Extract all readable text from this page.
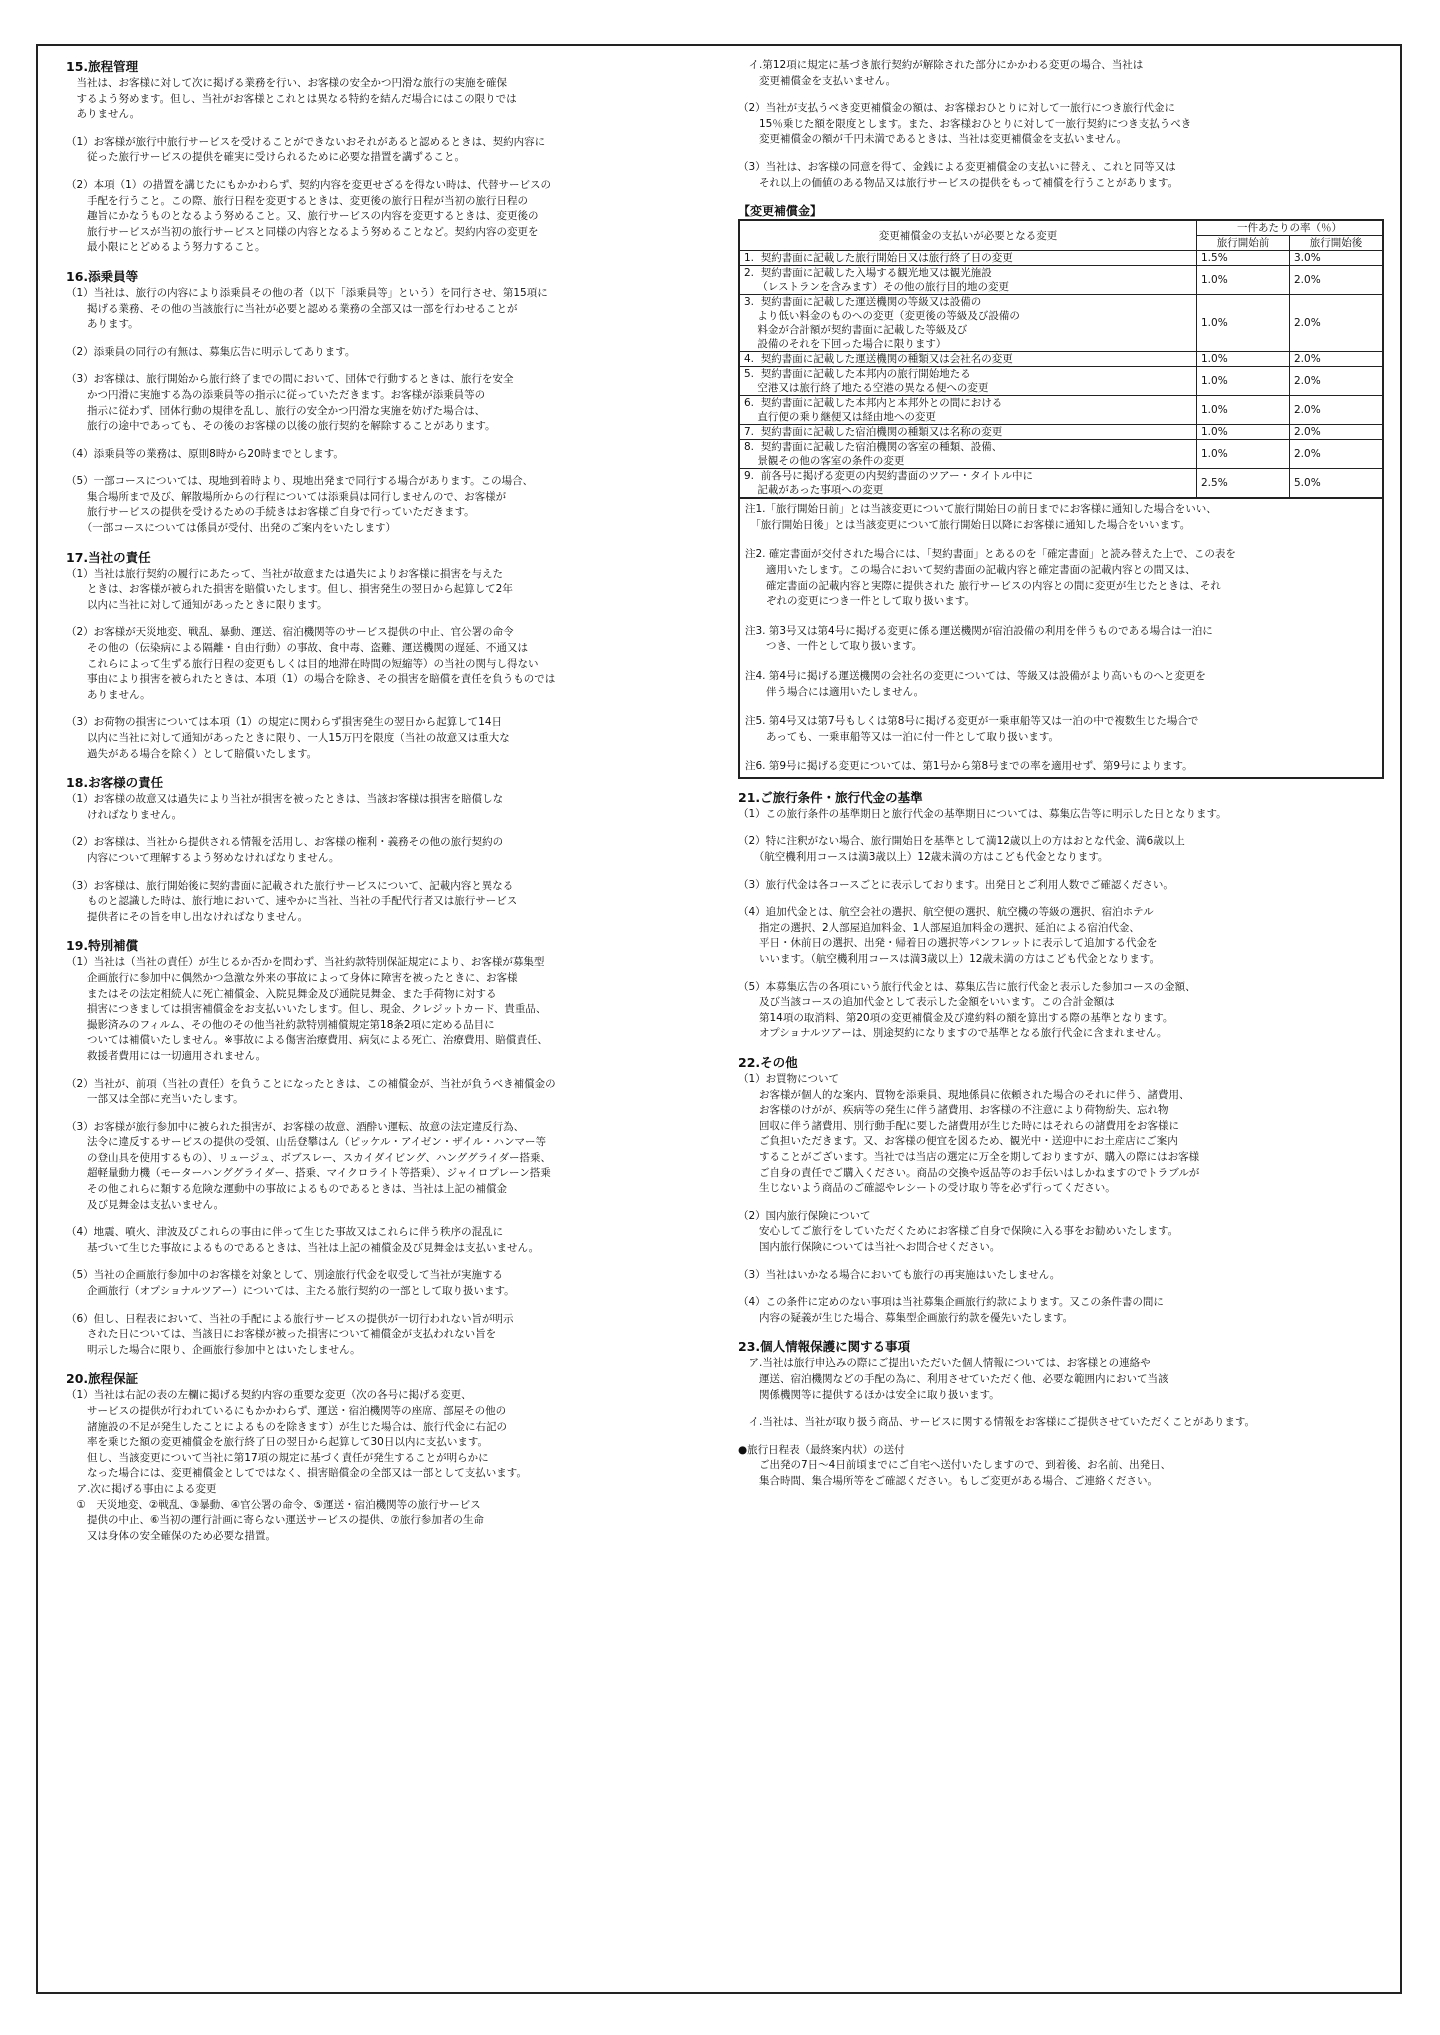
15.旅程管理
　当社は、お客様に対して次に掲げる業務を行い、お客様の安全かつ円滑な旅行の実施を確保
　するよう努めます。但し、当社がお客様とこれとは異なる特約を結んだ場合にはこの限りでは
　ありません。
（1）お客様が旅行中旅行サービスを受けることができないおそれがあると認めるときは、契約内容に
　　従った旅行サービスの提供を確実に受けられるために必要な措置を講ずること。
（2）本項（1）の措置を講じたにもかかわらず、契約内容を変更せざるを得ない時は、代替サービスの
　　手配を行うこと。この際、旅行日程を変更するときは、変更後の旅行日程が当初の旅行日程の
　　趣旨にかなうものとなるよう努めること。又、旅行サービスの内容を変更するときは、変更後の
　　旅行サービスが当初の旅行サービスと同様の内容となるよう努めることなど。契約内容の変更を
　　最小限にとどめるよう努力すること。
16.添乗員等
（1）当社は、旅行の内容により添乗員その他の者（以下「添乗員等」という）を同行させ、第15項に
　　掲げる業務、その他の当該旅行に当社が必要と認める業務の全部又は一部を行わせることが
　　あります。
（2）添乗員の同行の有無は、募集広告に明示してあります。
（3）お客様は、旅行開始から旅行終了までの間において、団体で行動するときは、旅行を安全
　　かつ円滑に実施する為の添乗員等の指示に従っていただきます。お客様が添乗員等の
　　指示に従わず、団体行動の規律を乱し、旅行の安全かつ円滑な実施を妨げた場合は、
　　旅行の途中であっても、その後のお客様の以後の旅行契約を解除することがあります。
（4）添乗員等の業務は、原則8時から20時までとします。
（5）一部コースについては、現地到着時より、現地出発まで同行する場合があります。この場合、
　　集合場所まで及び、解散場所からの行程については添乗員は同行しませんので、お客様が
　　旅行サービスの提供を受けるための手続きはお客様ご自身で行っていただきます。
　　（一部コースについては係員が受付、出発のご案内をいたします）
17.当社の責任
（1）当社は旅行契約の履行にあたって、当社が故意または過失によりお客様に損害を与えた
　　ときは、お客様が被られた損害を賠償いたします。但し、損害発生の翌日から起算して2年
　　以内に当社に対して通知があったときに限ります。
（2）お客様が天災地変、戦乱、暴動、運送、宿泊機関等のサービス提供の中止、官公署の命令
　　その他の（伝染病による隔離・自由行動）の事故、食中毒、盗難、運送機関の遅延、不通又は
　　これらによって生ずる旅行日程の変更もしくは目的地滞在時間の短縮等）の当社の関与し得ない
　　事由により損害を被られたときは、本項（1）の場合を除き、その損害を賠償を責任を負うものでは
　　ありません。
（3）お荷物の損害については本項（1）の規定に関わらず損害発生の翌日から起算して14日
　　以内に当社に対して通知があったときに限り、一人15万円を限度（当社の故意又は重大な
　　過失がある場合を除く）として賠償いたします。
18.お客様の責任
（1）お客様の故意又は過失により当社が損害を被ったときは、当該お客様は損害を賠償しな
　　ければなりません。
（2）お客様は、当社から提供される情報を活用し、お客様の権利・義務その他の旅行契約の
　　内容について理解するよう努めなければなりません。
（3）お客様は、旅行開始後に契約書面に記載された旅行サービスについて、記載内容と異なる
　　ものと認識した時は、旅行地において、速やかに当社、当社の手配代行者又は旅行サービス
　　提供者にその旨を申し出なければなりません。
19.特別補償
（1）当社は（当社の責任）が生じるか否かを問わず、当社約款特別保証規定により、お客様が募集型
　　企画旅行に参加中に偶然かつ急激な外来の事故によって身体に障害を被ったときに、お客様
　　またはその法定相続人に死亡補償金、入院見舞金及び通院見舞金、また手荷物に対する
　　損害につきましては損害補償金をお支払いいたします。但し、現金、クレジットカード、貴重品、
　　撮影済みのフィルム、その他のその他当社約款特別補償規定第18条2項に定める品目に
　　ついては補償いたしません。※事故による傷害治療費用、病気による死亡、治療費用、賠償責任、
　　救援者費用には一切適用されません。
（2）当社が、前項（当社の責任）を負うことになったときは、この補償金が、当社が負うべき補償金の
　　一部又は全部に充当いたします。
（3）お客様が旅行参加中に被られた損害が、お客様の故意、酒酔い運転、故意の法定違反行為、
　　法令に違反するサービスの提供の受領、山岳登攀はん（ピッケル・アイゼン・ザイル・ハンマー等
　　の登山具を使用するもの）、リュージュ、ボブスレー、スカイダイビング、ハンググライダー搭乗、
　　超軽量動力機（モーターハンググライダー、搭乗、マイクロライト等搭乗）、ジャイロプレーン搭乗
　　その他これらに類する危険な運動中の事故によるものであるときは、当社は上記の補償金
　　及び見舞金は支払いません。
（4）地震、噴火、津波及びこれらの事由に伴って生じた事故又はこれらに伴う秩序の混乱に
　　基づいて生じた事故によるものであるときは、当社は上記の補償金及び見舞金は支払いません。
（5）当社の企画旅行参加中のお客様を対象として、別途旅行代金を収受して当社が実施する
　　企画旅行（オプショナルツアー）については、主たる旅行契約の一部として取り扱います。
（6）但し、日程表において、当社の手配による旅行サービスの提供が一切行われない旨が明示
　　された日については、当該日にお客様が被った損害について補償金が支払われない旨を
　　明示した場合に限り、企画旅行参加中とはいたしません。
20.旅程保証
（1）当社は右記の表の左欄に掲げる契約内容の重要な変更（次の各号に掲げる変更、
　　サービスの提供が行われているにもかかわらず、運送・宿泊機関等の座席、部屋その他の
　　諸施設の不足が発生したことによるものを除きます）が生じた場合は、旅行代金に右記の
　　率を乗じた額の変更補償金を旅行終了日の翌日から起算して30日以内に支払います。
　　但し、当該変更について当社に第17項の規定に基づく責任が発生することが明らかに
　　なった場合には、変更補償金としてではなく、損害賠償金の全部又は一部として支払います。
　ア.次に掲げる事由による変更
　①　天災地変、②戦乱、③暴動、④官公署の命令、⑤運送・宿泊機関等の旅行サービス
　　提供の中止、⑥当初の運行計画に寄らない運送サービスの提供、⑦旅行参加者の生命
　　又は身体の安全確保のため必要な措置。
　イ.第12項に規定に基づき旅行契約が解除された部分にかかわる変更の場合、当社は
　　変更補償金を支払いません。
（2）当社が支払うべき変更補償金の額は、お客様おひとりに対して一旅行につき旅行代金に
　　15％乗じた額を限度とします。また、お客様おひとりに対して一旅行契約につき支払うべき
　　変更補償金の額が千円未満であるときは、当社は変更補償金を支払いません。
（3）当社は、お客様の同意を得て、金銭による変更補償金の支払いに替え、これと同等又は
　　それ以上の価値のある物品又は旅行サービスの提供をもって補償を行うことがあります。
【変更補償金】
変更補償金の支払いが必要となる変更	一件あたりの率（％）	
	旅行開始前	旅行開始後
1.  契約書面に記載した旅行開始日又は旅行終了日の変更	1.5%	3.0%
2.  契約書面に記載した入場する観光地又は観光施設
（レストランを含みます）その他の旅行目的地の変更	1.0%	2.0%
3.  契約書面に記載した運送機関の等級又は設備の
より低い料金のものへの変更（変更後の等級及び設備の
料金が合計額が契約書面に記載した等級及び
設備のそれを下回った場合に限ります）	1.0%	2.0%
4.  契約書面に記載した運送機関の種類又は会社名の変更	1.0%	2.0%
5.  契約書面に記載した本邦内の旅行開始地たる
空港又は旅行終了地たる空港の異なる便への変更	1.0%	2.0%
6.  契約書面に記載した本邦内と本邦外との間における
直行便の乗り継便又は経由地への変更	1.0%	2.0%
7.  契約書面に記載した宿泊機関の種類又は名称の変更	1.0%	2.0%
8.  契約書面に記載した宿泊機関の客室の種類、設備、
景観その他の客室の条件の変更	1.0%	2.0%
9.  前各号に掲げる変更の内契約書面のツアー・タイトル中に
記載があった事項への変更	2.5%	5.0%
注1.「旅行開始日前」とは当該変更について旅行開始日の前日までにお客様に通知した場合をいい、
　「旅行開始日後」とは当該変更について旅行開始日以降にお客様に通知した場合をいいます。
注2. 確定書面が交付された場合には、「契約書面」とあるのを「確定書面」と読み替えた上で、この表を
　　適用いたします。この場合において契約書面の記載内容と確定書面の記載内容との間又は、
　　確定書面の記載内容と実際に提供された 旅行サービスの内容との間に変更が生じたときは、それ
　　ぞれの変更につき一件として取り扱います。
注3. 第3号又は第4号に掲げる変更に係る運送機関が宿泊設備の利用を伴うものである場合は一泊に
　　つき、一件として取り扱います。
注4. 第4号に掲げる運送機関の会社名の変更については、等級又は設備がより高いものへと変更を
　　伴う場合には適用いたしません。
注5. 第4号又は第7号もしくは第8号に掲げる変更が一乗車船等又は一泊の中で複数生じた場合で
　　あっても、一乗車船等又は一泊に付一件として取り扱います。
注6. 第9号に掲げる変更については、第1号から第8号までの率を適用せず、第9号によります。
21.ご旅行条件・旅行代金の基準
（1）この旅行条件の基準期日と旅行代金の基準期日については、募集広告等に明示した日となります。
（2）特に注釈がない場合、旅行開始日を基準として満12歳以上の方はおとな代金、満6歳以上
　　（航空機利用コースは満3歳以上）12歳未満の方はこども代金となります。
（3）旅行代金は各コースごとに表示しております。出発日とご利用人数でご確認ください。
（4）追加代金とは、航空会社の選択、航空便の選択、航空機の等級の選択、宿泊ホテル
　　指定の選択、2人部屋追加料金、1人部屋追加料金の選択、延泊による宿泊代金、
　　平日・休前日の選択、出発・帰着日の選択等パンフレットに表示して追加する代金を
　　いいます。（航空機利用コースは満3歳以上）12歳未満の方はこども代金となります。
（5）本募集広告の各項にいう旅行代金とは、募集広告に旅行代金と表示した参加コースの金額、
　　及び当該コースの追加代金として表示した金額をいいます。この合計金額は
　　第14項の取消料、第20項の変更補償金及び違約料の額を算出する際の基準となります。
　　オプショナルツアーは、別途契約になりますので基準となる旅行代金に含まれません。
22.その他
（1）お買物について
　　お客様が個人的な案内、買物を添乗員、現地係員に依頼された場合のそれに伴う、諸費用、
　　お客様のけがが、疾病等の発生に伴う諸費用、お客様の不注意により荷物紛失、忘れ物
　　回収に伴う諸費用、別行動手配に要した諸費用が生じた時にはそれらの諸費用をお客様に
　　ご負担いただきます。又、お客様の便宜を図るため、観光中・送迎中にお土産店にご案内
　　することがございます。当社では当店の選定に万全を期しておりますが、購入の際にはお客様
　　ご自身の責任でご購入ください。商品の交換や返品等のお手伝いはしかねますのでトラブルが
　　生じないよう商品のご確認やレシートの受け取り等を必ず行ってください。
（2）国内旅行保険について
　　安心してご旅行をしていただくためにお客様ご自身で保険に入る事をお勧めいたします。
　　国内旅行保険については当社へお問合せください。
（3）当社はいかなる場合においても旅行の再実施はいたしません。
（4）この条件に定めのない事項は当社募集企画旅行約款によります。又この条件書の間に
　　内容の疑義が生じた場合、募集型企画旅行約款を優先いたします。
23.個人情報保護に関する事項
　ア.当社は旅行申込みの際にご提出いただいた個人情報については、お客様との連絡や
　　運送、宿泊機関などの手配の為に、利用させていただく他、必要な範囲内において当該
　　関係機関等に提供するほかは安全に取り扱います。
　イ.当社は、当社が取り扱う商品、サービスに関する情報をお客様にご提供させていただくことがあります。
●旅行日程表（最終案内状）の送付
　　ご出発の7日～4日前頃までにご自宅へ送付いたしますので、到着後、お名前、出発日、
　　集合時間、集合場所等をご確認ください。もしご変更がある場合、ご連絡ください。
